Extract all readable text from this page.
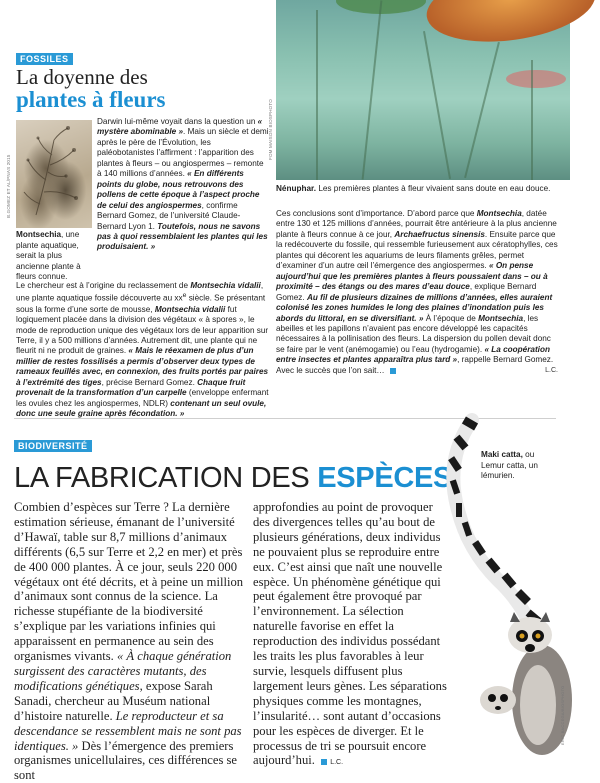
FOSSILES
La doyenne des
plantes à fleurs
B.GOMEZ ET AL/PNAS 2015
Montsechia, une plante aquatique, serait la plus ancienne plante à fleurs connue.
Darwin lui-même voyait dans la question un « mystère abominable ». Mais un siècle et demi après le père de l’Évolution, les paléobotanistes l’affirment : l’apparition des plantes à fleurs – ou angiospermes – remonte à 140 millions d’années. « En différents points du globe, nous retrouvons des pollens de cette époque à l’aspect proche de celui des angiospermes, confirme Bernard Gomez, de l’université Claude-Bernard Lyon 1. Toutefois, nous ne savons pas à quoi ressemblaient les plantes qui les produisaient. »
Le chercheur est à l’origine du reclassement de Montsechia vidalii, une plante aquatique fossile découverte au $xx^e$ siècle. Se présentant sous la forme d’une sorte de mousse, Montsechia vidalii fut logiquement placée dans la division des végétaux « à spores », le mode de reproduction unique des végétaux lors de leur apparition sur Terre, il y a 500 millions d’années. Autrement dit, une plante qui ne fleurit ni ne produit de graines. « Mais le réexamen de plus d’un millier de restes fossilisés a permis d’observer deux types de rameaux feuillés avec, en connexion, des fruits portés par paires à l’extrémité des tiges, précise Bernard Gomez. Chaque fruit provenait de la transformation d’un carpelle (enveloppe enfermant les ovules chez les angiospermes, NDLR) contenant un seul ovule, donc une seule graine après fécondation. »
FOM MAISON BIOSPHOTO
Nénuphar. Les premières plantes à fleur vivaient sans doute en eau douce.
Ces conclusions sont d’importance. D’abord parce que Montsechia, datée entre 130 et 125 millions d’années, pourrait être antérieure à la plus ancienne plante à fleurs connue à ce jour, Archaefructus sinensis. Ensuite parce que la redécouverte du fossile, qui ressemble furieusement aux cératophylles, ces plantes qui décorent les aquariums de leurs filaments grêles, permet d’examiner d’un autre œil l’émergence des angiospermes. « On pense aujourd’hui que les premières plantes à fleurs poussaient dans – ou à proximité – des étangs ou des mares d’eau douce, explique Bernard Gomez. Au fil de plusieurs dizaines de millions d’années, elles auraient colonisé les zones humides le long des plaines d’inondation puis les abords du littoral, en se diversifiant. » À l’époque de Montsechia, les abeilles et les papillons n’avaient pas encore développé les capacités nécessaires à la pollinisation des fleurs. La dispersion du pollen devait donc se faire par le vent (anémogamie) ou l’eau (hydrogamie). « La coopération entre insectes et plantes apparaîtra plus tard », rappelle Bernard Gomez. Avec le succès que l’on sait…	L.C.
BIODIVERSITÉ
LA FABRICATION DES ESPÈCES
Maki catta, ou Lemur catta, un lémurien.
ERIC BACCEGA/BIOSPHOTO
Combien d’espèces sur Terre ? La dernière estimation sérieuse, émanant de l’université d’Hawaï, table sur 8,7 millions d’animaux différents (6,5 sur Terre et 2,2 en mer) et près de 400 000 plantes. À ce jour, seuls 220 000 végétaux ont été décrits, et à peine un million d’animaux sont connus de la science. La richesse stupéfiante de la biodiversité s’explique par les variations infinies qui apparaissent en permanence au sein des organismes vivants. « À chaque génération surgissent des caractères mutants, des modifications génétiques, expose Sarah Sanadi, chercheur au Muséum national d’histoire naturelle. Le reproducteur et sa descendance se ressemblent mais ne sont pas identiques. » Dès l’émergence des premiers organismes unicellulaires, ces différences se sont
approfondies au point de provoquer des divergences telles qu’au bout de plusieurs générations, deux individus ne pouvaient plus se reproduire entre eux. C’est ainsi que naît une nouvelle espèce. Un phénomène génétique qui peut également être provoqué par l’environnement. La sélection naturelle favorise en effet la reproduction des individus possédant les traits les plus favorables à leur survie, lesquels diffusent plus largement leurs gènes. Les séparations physiques comme les montagnes, l’insularité… sont autant d’occasions pour les espèces de diverger. Et le processus de tri se poursuit encore aujourd’hui.  L.C.
